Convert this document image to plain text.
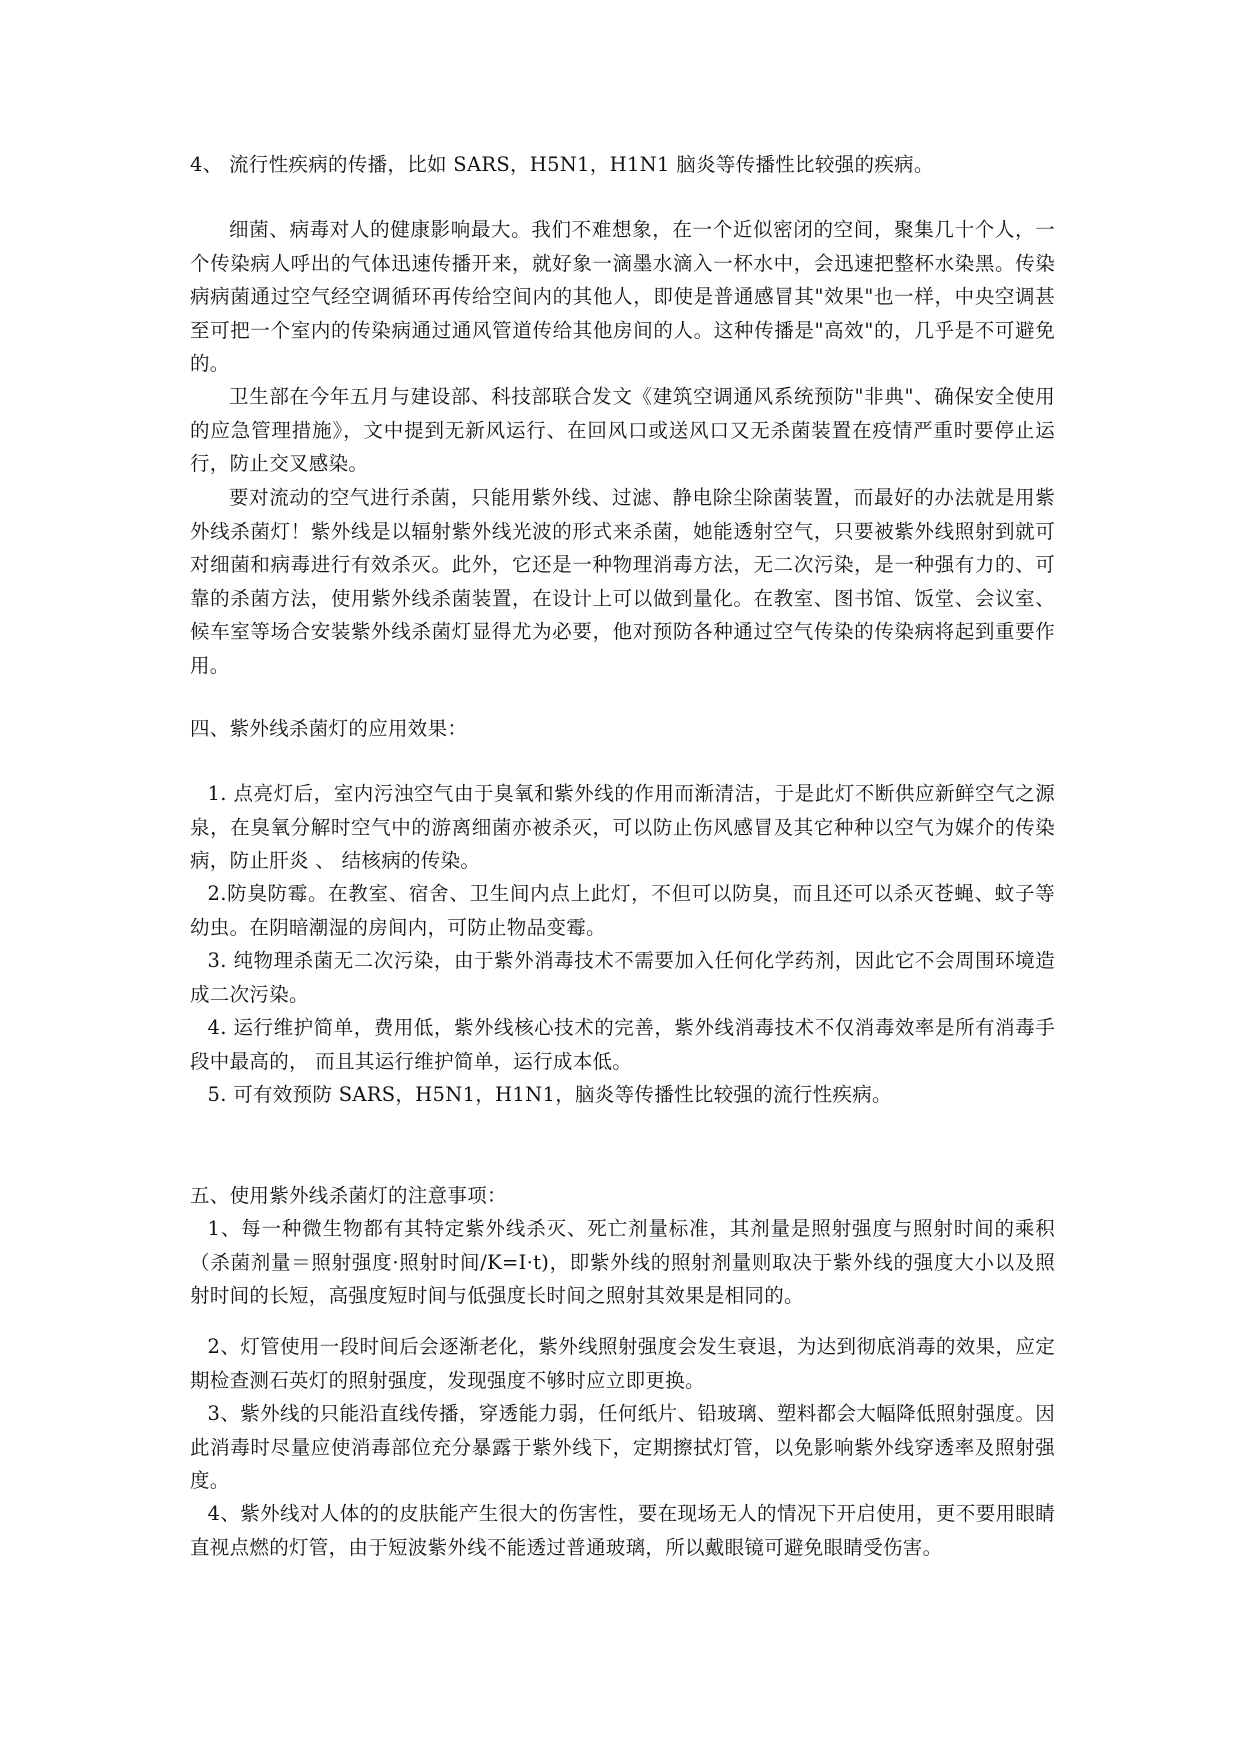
4、 流行性疾病的传播，比如 SARS，H5N1，H1N1 脑炎等传播性比较强的疾病。
细菌、病毒对人的健康影响最大。我们不难想象，在一个近似密闭的空间，聚集几十个人，一个传染病人呼出的气体迅速传播开来，就好象一滴墨水滴入一杯水中，会迅速把整杯水染黑。传染病病菌通过空气经空调循环再传给空间内的其他人，即使是普通感冒其"效果"也一样，中央空调甚至可把一个室内的传染病通过通风管道传给其他房间的人。这种传播是"高效"的，几乎是不可避免的。
卫生部在今年五月与建设部、科技部联合发文《建筑空调通风系统预防"非典"、确保安全使用的应急管理措施》，文中提到无新风运行、在回风口或送风口又无杀菌装置在疫情严重时要停止运行，防止交叉感染。
要对流动的空气进行杀菌，只能用紫外线、过滤、静电除尘除菌装置，而最好的办法就是用紫外线杀菌灯！紫外线是以辐射紫外线光波的形式来杀菌，她能透射空气，只要被紫外线照射到就可对细菌和病毒进行有效杀灭。此外，它还是一种物理消毒方法，无二次污染，是一种强有力的、可靠的杀菌方法，使用紫外线杀菌装置，在设计上可以做到量化。在教室、图书馆、饭堂、会议室、候车室等场合安装紫外线杀菌灯显得尤为必要，他对预防各种通过空气传染的传染病将起到重要作用。
四、紫外线杀菌灯的应用效果：
1. 点亮灯后，室内污浊空气由于臭氧和紫外线的作用而渐清洁，于是此灯不断供应新鲜空气之源泉，在臭氧分解时空气中的游离细菌亦被杀灭，可以防止伤风感冒及其它种种以空气为媒介的传染病，防止肝炎 、 结核病的传染。
2.防臭防霉。在教室、宿舍、卫生间内点上此灯，不但可以防臭，而且还可以杀灭苍蝇、蚊子等幼虫。在阴暗潮湿的房间内，可防止物品变霉。
3. 纯物理杀菌无二次污染，由于紫外消毒技术不需要加入任何化学药剂，因此它不会周围环境造成二次污染。
4. 运行维护简单，费用低，紫外线核心技术的完善，紫外线消毒技术不仅消毒效率是所有消毒手段中最高的， 而且其运行维护简单，运行成本低。
5. 可有效预防 SARS，H5N1，H1N1，脑炎等传播性比较强的流行性疾病。
五、使用紫外线杀菌灯的注意事项：
1、每一种微生物都有其特定紫外线杀灭、死亡剂量标准，其剂量是照射强度与照射时间的乘积（杀菌剂量＝照射强度·照射时间/K=I·t)，即紫外线的照射剂量则取决于紫外线的强度大小以及照射时间的长短，高强度短时间与低强度长时间之照射其效果是相同的。
2、灯管使用一段时间后会逐渐老化，紫外线照射强度会发生衰退，为达到彻底消毒的效果，应定期检查测石英灯的照射强度，发现强度不够时应立即更换。
3、紫外线的只能沿直线传播，穿透能力弱，任何纸片、铅玻璃、塑料都会大幅降低照射强度。因此消毒时尽量应使消毒部位充分暴露于紫外线下，定期擦拭灯管，以免影响紫外线穿透率及照射强度。
4、紫外线对人体的的皮肤能产生很大的伤害性，要在现场无人的情况下开启使用，更不要用眼睛直视点燃的灯管，由于短波紫外线不能透过普通玻璃，所以戴眼镜可避免眼睛受伤害。
